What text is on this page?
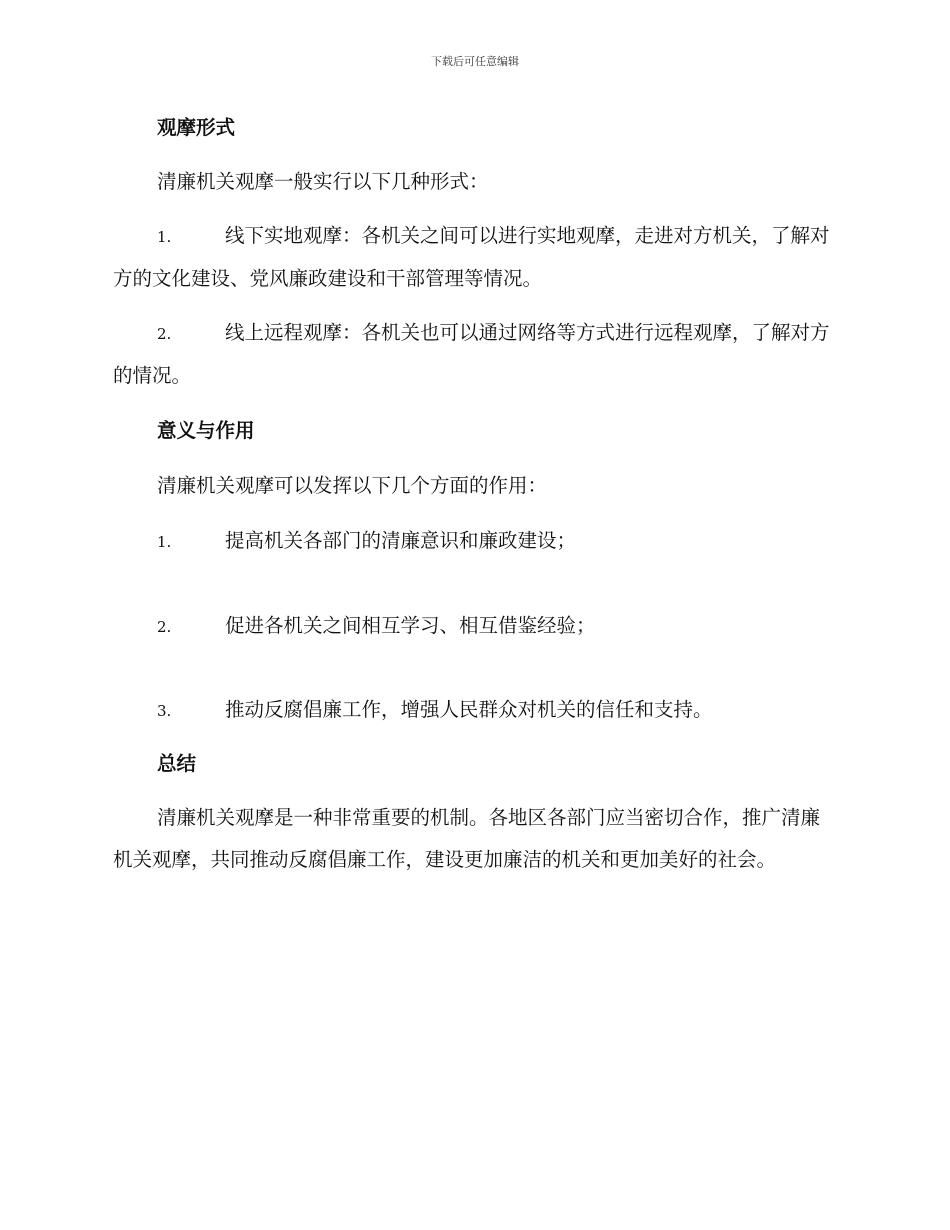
下载后可任意编辑
观摩形式
清廉机关观摩一般实行以下几种形式：
1.	线下实地观摩：各机关之间可以进行实地观摩，走进对方机关，了解对方的文化建设、党风廉政建设和干部管理等情况。
2.	线上远程观摩：各机关也可以通过网络等方式进行远程观摩，了解对方的情况。
意义与作用
清廉机关观摩可以发挥以下几个方面的作用：
1.	提高机关各部门的清廉意识和廉政建设；
2.	促进各机关之间相互学习、相互借鉴经验；
3.	推动反腐倡廉工作，增强人民群众对机关的信任和支持。
总结
清廉机关观摩是一种非常重要的机制。各地区各部门应当密切合作，推广清廉机关观摩，共同推动反腐倡廉工作，建设更加廉洁的机关和更加美好的社会。
